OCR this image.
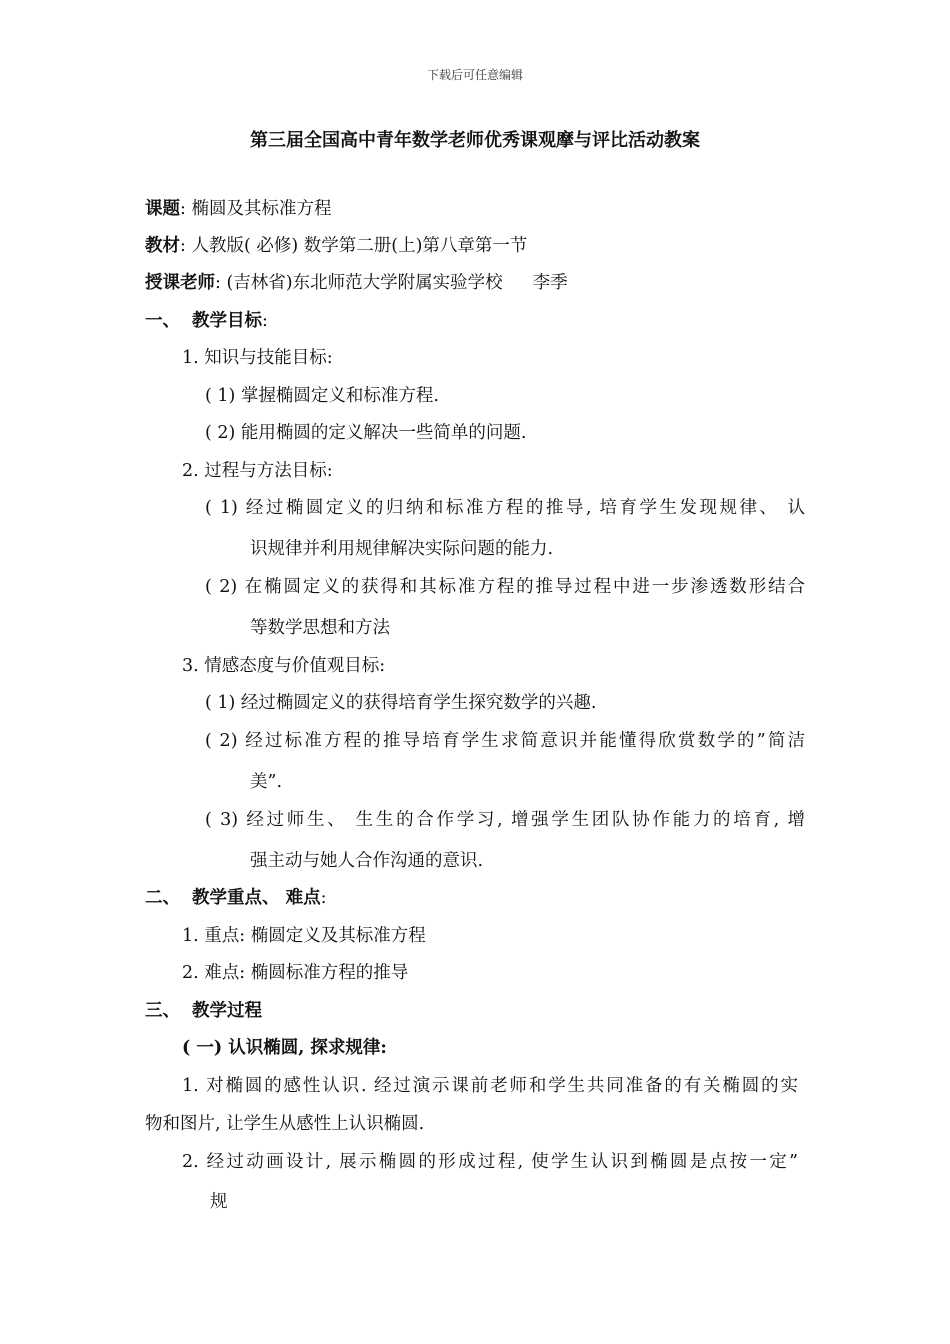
下载后可任意编辑
第三届全国高中青年数学老师优秀课观摩与评比活动教案
课题: 椭圆及其标准方程
教材: 人教版( 必修) 数学第二册(上)第八章第一节
授课老师: (吉林省)东北师范大学附属实验学校 李季
一、 教学目标:
1. 知识与技能目标:
( 1) 掌握椭圆定义和标准方程.
( 2) 能用椭圆的定义解决一些简单的问题.
2. 过程与方法目标:
( 1) 经过椭圆定义的归纳和标准方程的推导, 培育学生发现规律、 认
识规律并利用规律解决实际问题的能力.
( 2) 在椭圆定义的获得和其标准方程的推导过程中进一步渗透数形结合
等数学思想和方法
3. 情感态度与价值观目标:
( 1) 经过椭圆定义的获得培育学生探究数学的兴趣.
( 2) 经过标准方程的推导培育学生求简意识并能懂得欣赏数学的”简洁
美”.
( 3) 经过师生、 生生的合作学习, 增强学生团队协作能力的培育, 增
强主动与她人合作沟通的意识.
二、 教学重点、 难点:
1. 重点: 椭圆定义及其标准方程
2. 难点: 椭圆标准方程的推导
三、 教学过程
( 一) 认识椭圆, 探求规律:
1. 对椭圆的感性认识. 经过演示课前老师和学生共同准备的有关椭圆的实
物和图片, 让学生从感性上认识椭圆.
2. 经过动画设计, 展示椭圆的形成过程, 使学生认识到椭圆是点按一定”
规
